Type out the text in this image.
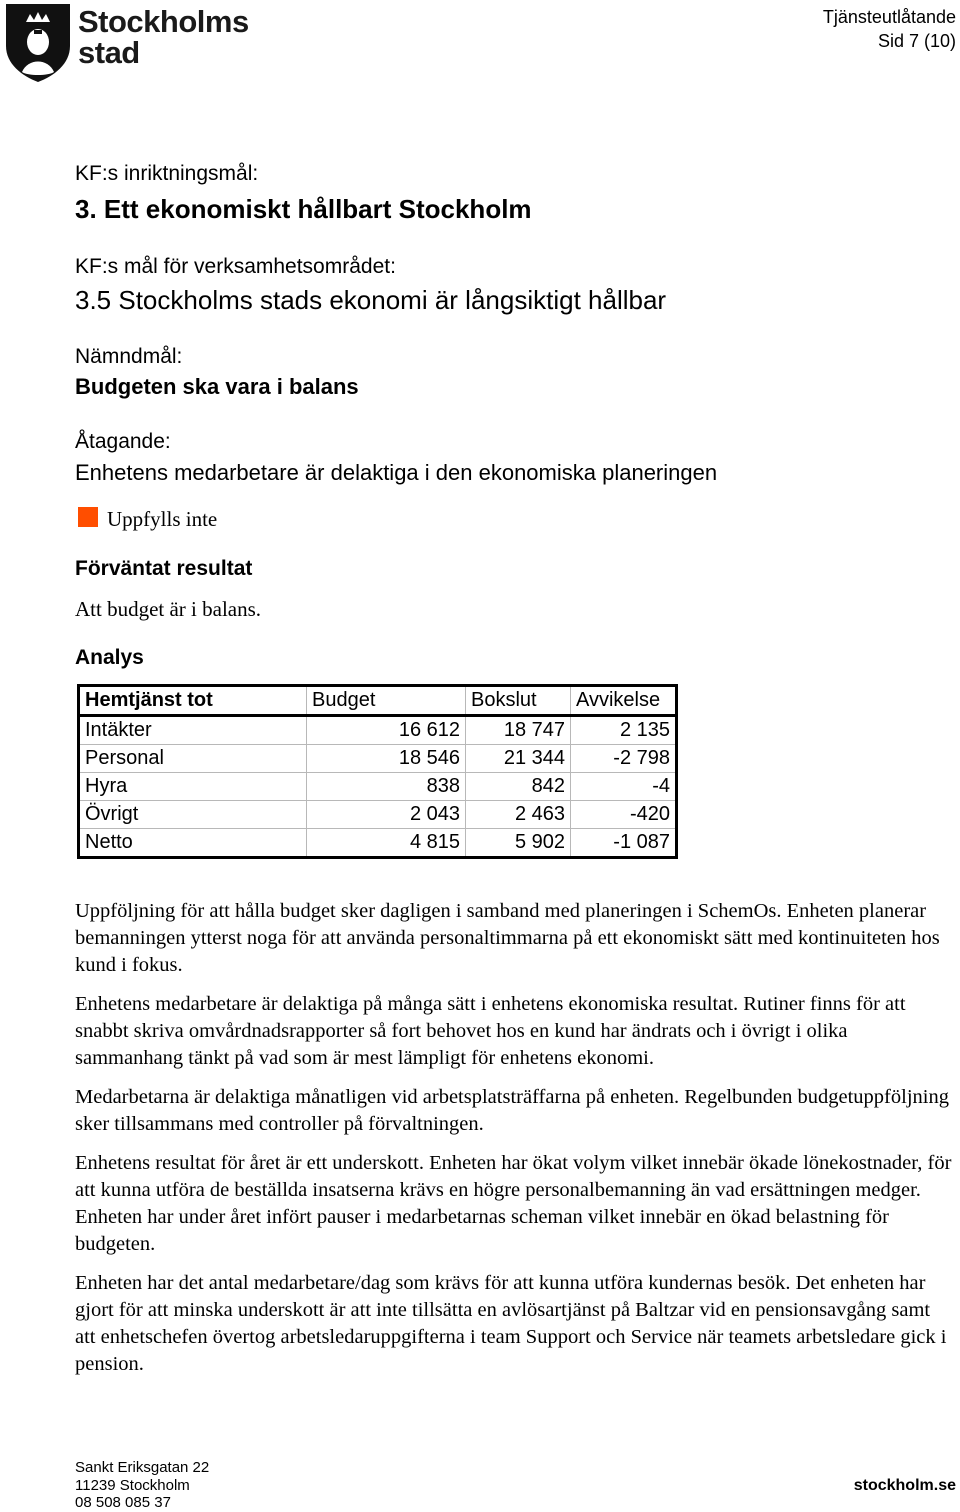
Stockholms
stad
Tjänsteutlåtande
Sid 7 (10)
KF:s inriktningsmål:
3. Ett ekonomiskt hållbart Stockholm
KF:s mål för verksamhetsområdet:
3.5 Stockholms stads ekonomi är långsiktigt hållbar
Nämndmål:
Budgeten ska vara i balans
Åtagande:
Enhetens medarbetare är delaktiga i den ekonomiska planeringen
Uppfylls inte
Förväntat resultat
Att budget är i balans.
Analys
Hemtjänst tot	Budget	Bokslut	Avvikelse
Intäkter	16 612	18 747	2 135
Personal	18 546	21 344	-2 798
Hyra	838	842	-4
Övrigt	2 043	2 463	-420
Netto	4 815	5 902	-1 087

Uppföljning för att hålla budget sker dagligen i samband med planeringen i SchemOs. Enheten planerar bemanningen ytterst noga för att använda personaltimmarna på ett ekonomiskt sätt med kontinuiteten hos kund i fokus.

Enhetens medarbetare är delaktiga på många sätt i enhetens ekonomiska resultat. Rutiner finns för att snabbt skriva omvårdnadsrapporter så fort behovet hos en kund har ändrats och i övrigt i olika sammanhang tänkt på vad som är mest lämpligt för enhetens ekonomi.

Medarbetarna är delaktiga månatligen vid arbetsplatsträffarna på enheten. Regelbunden budgetuppföljning sker tillsammans med controller på förvaltningen.

Enhetens resultat för året är ett underskott. Enheten har ökat volym vilket innebär ökade lönekostnader, för att kunna utföra de beställda insatserna krävs en högre personalbemanning än vad ersättningen medger. Enheten har under året infört pauser i medarbetarnas scheman vilket innebär en ökad belastning för budgeten.

Enheten har det antal medarbetare/dag som krävs för att kunna utföra kundernas besök. Det enheten har gjort för att minska underskott är att inte tillsätta en avlösartjänst på Baltzar vid en pensionsavgång samt att enhetschefen övertog arbetsledaruppgifterna i team Support och Service när teamets arbetsledare gick i pension.

Sankt Eriksgatan 22
11239 Stockholm
08 508 085 37
stockholm.se
